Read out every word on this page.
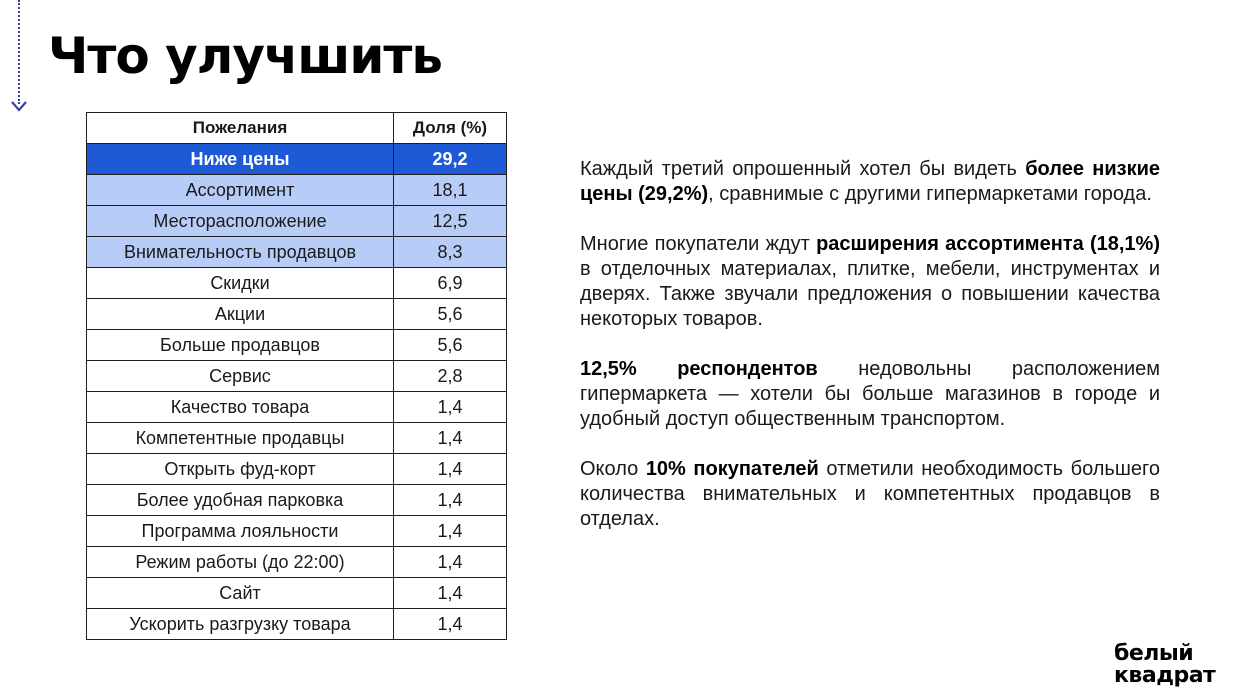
Что улучшить
Пожелания	Доля (%)
Ниже цены	29,2
Ассортимент	18,1
Месторасположение	12,5
Внимательность продавцов	8,3
Скидки	6,9
Акции	5,6
Больше продавцов	5,6
Сервис	2,8
Качество товара	1,4
Компетентные продавцы	1,4
Открыть фуд-корт	1,4
Более удобная парковка	1,4
Программа лояльности	1,4
Режим работы (до 22:00)	1,4
Сайт	1,4
Ускорить разгрузку товара	1,4

Каждый третий опрошенный хотел бы видеть более низкие цены (29,2%), сравнимые с другими гипермаркетами города.

Многие покупатели ждут расширения ассортимента (18,1%) в отделочных материалах, плитке, мебели, инструментах и дверях. Также звучали предложения о повышении качества некоторых товаров.

12,5% респондентов недовольны расположением гипермаркета — хотели бы больше магазинов в городе и удобный доступ общественным транспортом.

Около 10% покупателей отметили необходимость большего количества внимательных и компетентных продавцов в отделах.

белый
квадрат
